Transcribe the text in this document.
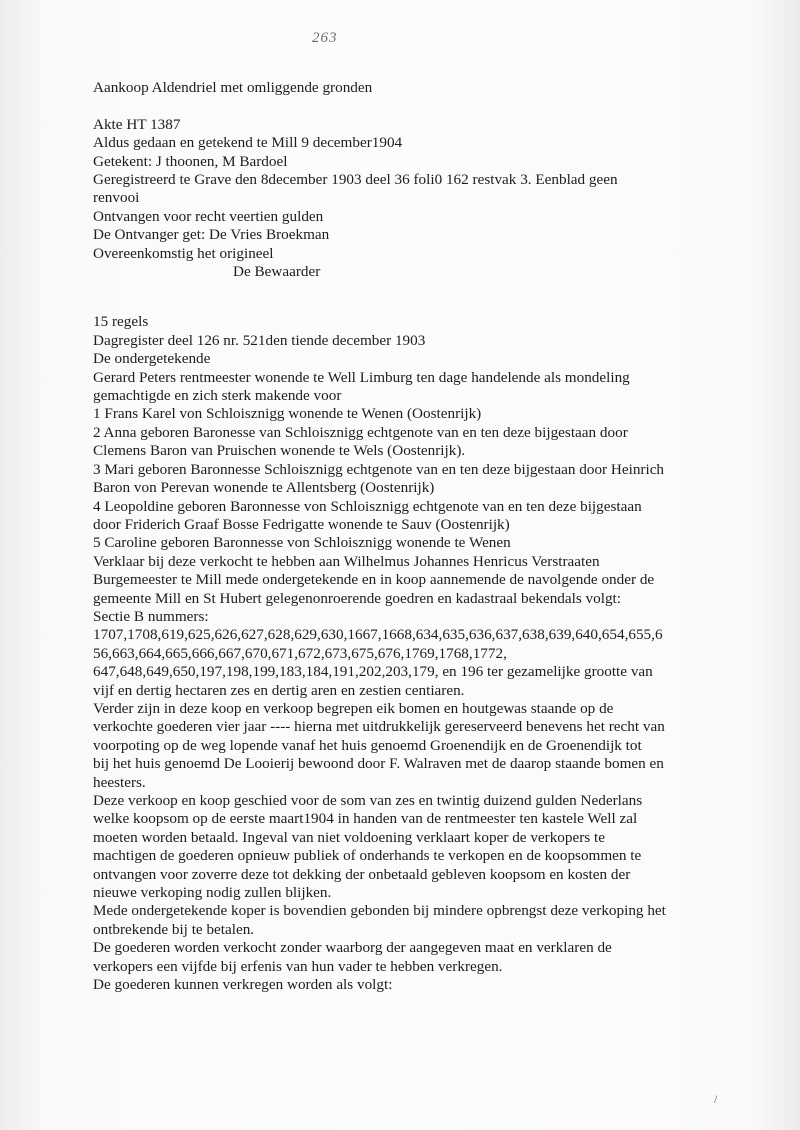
263
Aankoop Aldendriel met omliggende gronden
Akte HT 1387
Aldus gedaan en getekend te Mill 9 december1904
Getekent: J thoonen, M Bardoel
Geregistreerd te Grave den 8december 1903 deel 36 foli0 162 restvak 3. Eenblad geen
renvooi
Ontvangen voor recht veertien gulden
De Ontvanger get: De Vries Broekman
Overeenkomstig het origineel
De Bewaarder
15 regels
Dagregister deel 126 nr. 521den tiende december 1903
De ondergetekende
Gerard Peters rentmeester wonende te Well Limburg ten dage handelende als mondeling
gemachtigde en zich sterk makende voor
1 Frans Karel von Schloisznigg wonende te Wenen (Oostenrijk)
2 Anna geboren Baronesse van Schloisznigg echtgenote van en ten deze bijgestaan door
Clemens Baron van Pruischen wonende te Wels (Oostenrijk).
3 Mari geboren Baronnesse Schloisznigg echtgenote van en ten deze bijgestaan door Heinrich
Baron von Perevan wonende te Allentsberg (Oostenrijk)
4 Leopoldine geboren Baronnesse von Schloisznigg echtgenote van en ten deze bijgestaan
door Friderich Graaf Bosse Fedrigatte wonende te Sauv (Oostenrijk)
5 Caroline geboren Baronnesse von Schloisznigg wonende te Wenen
Verklaar bij deze verkocht te hebben aan Wilhelmus Johannes Henricus Verstraaten
Burgemeester te Mill mede ondergetekende en in koop aannemende de navolgende onder de
gemeente Mill en St Hubert gelegenonroerende goedren en kadastraal bekendals volgt:
Sectie B nummers:
1707,1708,619,625,626,627,628,629,630,1667,1668,634,635,636,637,638,639,640,654,655,6
56,663,664,665,666,667,670,671,672,673,675,676,1769,1768,1772,
647,648,649,650,197,198,199,183,184,191,202,203,179, en 196 ter gezamelijke grootte van
vijf en dertig hectaren zes en dertig aren en zestien centiaren.
Verder zijn in deze koop en verkoop begrepen eik bomen en houtgewas staande op de
verkochte goederen vier jaar ---- hierna met uitdrukkelijk gereserveerd benevens het recht van
voorpoting op de weg lopende vanaf het huis genoemd Groenendijk en de Groenendijk tot
bij het huis genoemd De Looierij bewoond door F. Walraven met de daarop staande bomen en
heesters.
Deze verkoop en koop geschied voor de som van zes en twintig duizend gulden Nederlans
welke koopsom op de eerste maart1904 in handen van de rentmeester ten kastele Well zal
moeten worden betaald. Ingeval van niet voldoening verklaart koper de verkopers te
machtigen de goederen opnieuw publiek of onderhands te verkopen en de koopsommen te
ontvangen voor zoverre deze tot dekking der onbetaald gebleven koopsom en kosten der
nieuwe verkoping nodig zullen blijken.
Mede ondergetekende koper is bovendien gebonden bij mindere opbrengst deze verkoping het
ontbrekende bij te betalen.
De goederen worden verkocht zonder waarborg der aangegeven maat en verklaren de
verkopers een vijfde bij erfenis van hun vader te hebben verkregen.
De goederen kunnen verkregen worden als volgt:
/
